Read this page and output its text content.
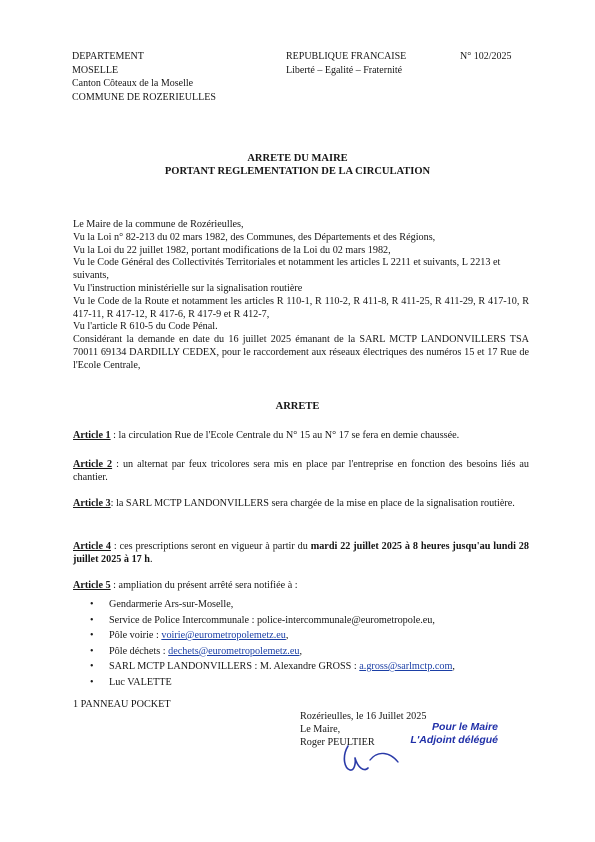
DEPARTEMENT
MOSELLE
Canton Côteaux de la Moselle
COMMUNE DE ROZERIEULLES
REPUBLIQUE FRANCAISE
Liberté – Egalité – Fraternité
N° 102/2025
ARRETE DU MAIRE
PORTANT REGLEMENTATION DE LA CIRCULATION
Le Maire de la commune de Rozérieulles,
Vu la Loi n° 82-213 du 02 mars 1982, des Communes, des Départements et des Régions,
Vu la Loi du 22 juillet 1982, portant modifications de la Loi du 02 mars 1982,
Vu le Code Général des Collectivités Territoriales et notamment les articles L 2211 et suivants, L 2213 et suivants,
Vu l'instruction ministérielle sur la signalisation routière
Vu le Code de la Route et notamment les articles R 110-1, R 110-2, R 411-8, R 411-25, R 411-29, R 417-10, R 417-11, R 417-12, R 417-6, R 417-9 et R 412-7,
Vu l'article R 610-5 du Code Pénal.
Considérant la demande en date du 16 juillet 2025 émanant de la SARL MCTP LANDONVILLERS TSA 70011 69134 DARDILLY CEDEX, pour le raccordement aux réseaux électriques des numéros 15 et 17 Rue de l'Ecole Centrale,
ARRETE
Article 1 : la circulation Rue de l'Ecole Centrale du N° 15 au N° 17 se fera en demie chaussée.
Article 2 : un alternat par feux tricolores sera mis en place par l'entreprise en fonction des besoins liés au chantier.
Article 3: la SARL MCTP LANDONVILLERS sera chargée de la mise en place de la signalisation routière.
Article 4 : ces prescriptions seront en vigueur à partir du mardi 22 juillet 2025 à 8 heures jusqu'au lundi 28 juillet 2025 à 17 h.
Article 5 : ampliation du présent arrêté sera notifiée à :
• Gendarmerie Ars-sur-Moselle,
• Service de Police Intercommunale : police-intercommunale@eurometropole.eu,
• Pôle voirie : voirie@eurometropolemetz.eu,
• Pôle déchets : dechets@eurometropolemetz.eu,
• SARL MCTP LANDONVILLERS : M. Alexandre GROSS : a.gross@sarlmctp.com,
• Luc VALETTE
1 PANNEAU POCKET
Rozérieulles, le 16 Juillet 2025
Le Maire,
Roger PEULTIER
Pour le Maire
L'Adjoint délégué
